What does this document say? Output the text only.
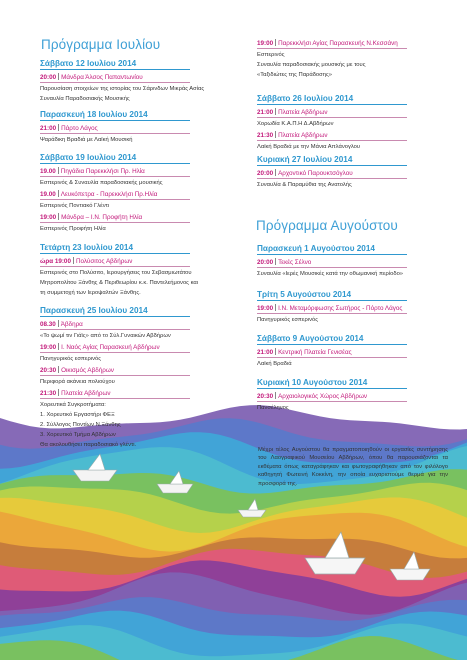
Πρόγραμμα Ιουλίου
Σάββατο 12 Ιουλίου 2014
20:00 Μάνδρα Άλσος Παπαντωνίου
Παρουσίαση στοιχείων της ιστορίας του Σάρινδων Μικράς Ασίας
Συναυλία Παραδοσιακής Μουσικής
Παρασκευή 18 Ιουλίου 2014
21:00 Πάρτο Λάγος
Ψαράδικη Βραδιά με Λαϊκή Μουσική
Σάββατο 19 Ιουλίου 2014
19.00 Πηγάδια Παρεκκλήσι Πρ. Ηλία
Εσπερινός & Συναυλία παραδοσιακής μουσικής
19.00 Λευκόπετρα - Παρεκκλήσι Πρ.Ηλία
Εσπερινός Ποντιακό Γλέντι
19:00 Μάνδρα – Ι.Ν. Προφήτη Ηλία
Εσπερινός Προφήτη Ηλία
Τετάρτη 23 Ιουλίου 2014
ώρα 19:00 Πολύσιτος Αβδήρων
Εσπερινός στο Πολύσιτο, Ιερουργήσεις του Σεβασμιωτάτου
Μητροπολίτου Ξάνθης & Περιθεωρίου κ.κ. Παντελεήμονος και
τη συμμετοχή των Ιεροψαλτών Ξάνθης.
Παρασκευή 25 Ιουλίου 2014
08.30 Άβδηρα
«Το ψωμί τιν Γιάϊς» από το Σύλ.Γυναικών Αβδήρων
19:00 Ι. Ναός Αγίας Παρασκευή Αβδήρων
Πανηγυρικός εσπερινός
20:30 Οικισμός Αβδήρων
Περιφορά ακάνεια πολιούχου
21:30 Πλατεία Αβδήρων
Χορευτικά Συγκροτήματα:
1. Χορευτικό Εργαστήρι ΦΕΞ
2. Σύλλογος Ποντίων Ν.Ξάνθης
3. Χορευτικό Τμήμα Αβδήρων
Θα ακολουθήσει παραδοσιακό γλέντι.
19:00 Παρεκκλήσι Αγίας Παρασκευής Ν.Κεσσάνη
Εσπερινός
Συναυλία παραδοσιακής μουσικής με τους
«Ταξιδιώτες της Παράδοσης»
Σάββατο 26 Ιουλίου 2014
21:00 Πλατεία Αβδήρων
Χορωδία Κ.Α.Π.Η Δ.Αβδήρων
21:30 Πλατεία Αβδήρων
Λαϊκή Βραδιά με την Μάνια Απλάνογλου
Κυριακή 27 Ιουλίου 2014
20:00 Αρχοντικό Παρουκτσόγλου
Συναυλία & Παραμύθια της Ανατολής
Πρόγραμμα Αυγούστου
Παρασκευή 1 Αυγούστου 2014
20:00 Τεκές Σέλνο
Συναυλία «Ιερές Μουσικές κατά την οθωμανική περίοδο»
Τρίτη 5 Αυγούστου 2014
19:00 Ι.Ν. Μεταμόρφωσης Σωτήρος - Πόρτο Λάγος
Πανηγυρικός εσπερινός
Σάββατο 9 Αυγούστου 2014
21:00 Κεντρική Πλατεία Γενισέας
Λαϊκή Βραδιά
Κυριακή 10 Αυγούστου 2014
20:30 Αρχαιολογικός Χώρος Αβδήρων
Πανσέληνος
Μέχρι τέλος Αυγούστου θα πραγματοποιηθούν οι εργασίες συντήρησης του Λαογραφικού Μουσείου Αβδήρων, όπου θα παρουσιάζονται τα εκθέματα όπως καταγράφηκαν και φωτογραφήθηκαν από τον φιλόλογο καθηγητή Φωτεινή Κοκκίνη, την οποία ευχαριστούμε θερμά για την προσφορά της.
